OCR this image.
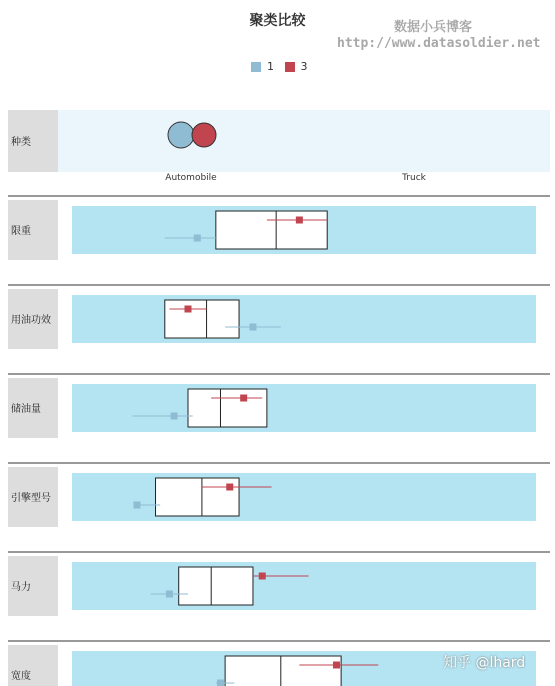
聚类比较	数据小兵博客
http://www.datasoldier.net
1
3
种类
Automobile	Truck
限重
用油功效
储油量
引擎型号
马力
宽度
知乎 @lhard
